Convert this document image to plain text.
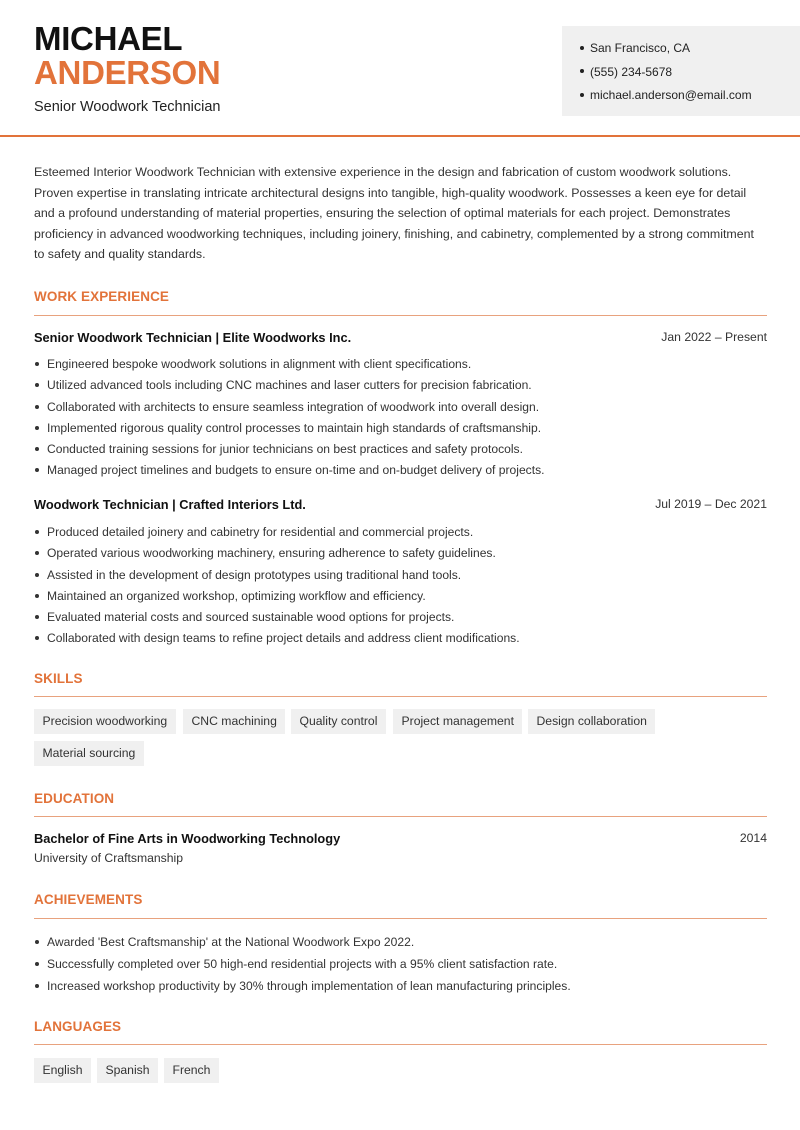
MICHAEL
ANDERSON
Senior Woodwork Technician
San Francisco, CA
(555) 234-5678
michael.anderson@email.com
Esteemed Interior Woodwork Technician with extensive experience in the design and fabrication of custom woodwork solutions. Proven expertise in translating intricate architectural designs into tangible, high-quality woodwork. Possesses a keen eye for detail and a profound understanding of material properties, ensuring the selection of optimal materials for each project. Demonstrates proficiency in advanced woodworking techniques, including joinery, finishing, and cabinetry, complemented by a strong commitment to safety and quality standards.
WORK EXPERIENCE
Senior Woodwork Technician | Elite Woodworks Inc.	Jan 2022 – Present
Engineered bespoke woodwork solutions in alignment with client specifications.
Utilized advanced tools including CNC machines and laser cutters for precision fabrication.
Collaborated with architects to ensure seamless integration of woodwork into overall design.
Implemented rigorous quality control processes to maintain high standards of craftsmanship.
Conducted training sessions for junior technicians on best practices and safety protocols.
Managed project timelines and budgets to ensure on-time and on-budget delivery of projects.
Woodwork Technician | Crafted Interiors Ltd.	Jul 2019 – Dec 2021
Produced detailed joinery and cabinetry for residential and commercial projects.
Operated various woodworking machinery, ensuring adherence to safety guidelines.
Assisted in the development of design prototypes using traditional hand tools.
Maintained an organized workshop, optimizing workflow and efficiency.
Evaluated material costs and sourced sustainable wood options for projects.
Collaborated with design teams to refine project details and address client modifications.
SKILLS
Precision woodworking	CNC machining	Quality control	Project management	Design collaboration
Material sourcing
EDUCATION
Bachelor of Fine Arts in Woodworking Technology	2014
University of Craftsmanship
ACHIEVEMENTS
Awarded 'Best Craftsmanship' at the National Woodwork Expo 2022.
Successfully completed over 50 high-end residential projects with a 95% client satisfaction rate.
Increased workshop productivity by 30% through implementation of lean manufacturing principles.
LANGUAGES
English	Spanish	French
